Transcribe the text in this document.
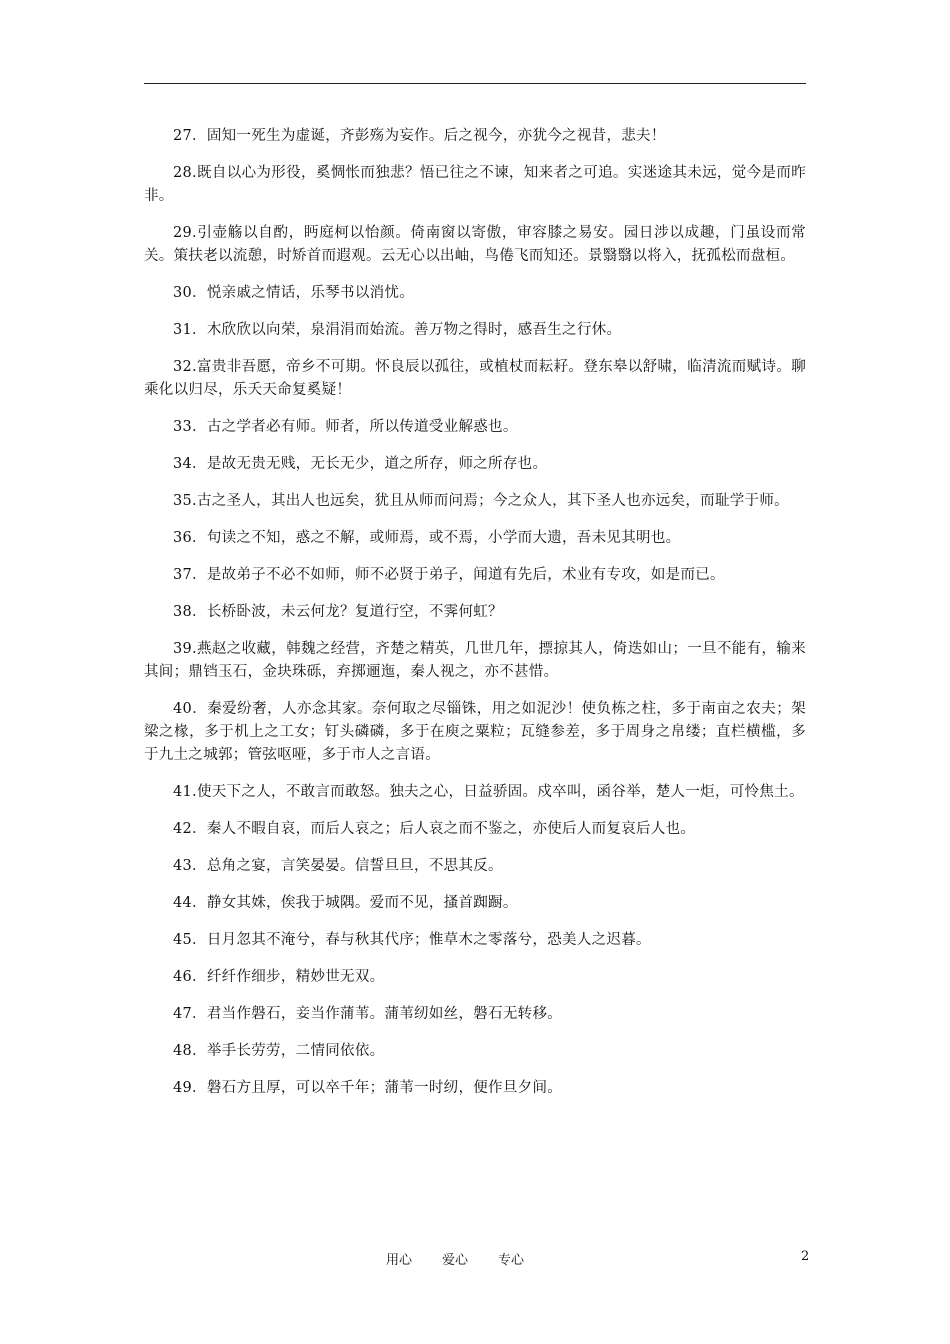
27．固知一死生为虚诞，齐彭殇为妄作。后之视今，亦犹今之视昔，悲夫！

28.既自以心为形役，奚惆怅而独悲？悟已往之不谏，知来者之可追。实迷途其未远，觉今是而昨非。

29.引壶觞以自酌，眄庭柯以怡颜。倚南窗以寄傲，审容膝之易安。园日涉以成趣，门虽设而常关。策扶老以流憩，时矫首而遐观。云无心以出岫，鸟倦飞而知还。景翳翳以将入，抚孤松而盘桓。

30．悦亲戚之情话，乐琴书以消忧。

31．木欣欣以向荣，泉涓涓而始流。善万物之得时，感吾生之行休。

32.富贵非吾愿，帝乡不可期。怀良辰以孤往，或植杖而耘耔。登东皋以舒啸，临清流而赋诗。聊乘化以归尽，乐夭天命复奚疑！

33．古之学者必有师。师者，所以传道受业解惑也。

34．是故无贵无贱，无长无少，道之所存，师之所存也。

35.古之圣人，其出人也远矣，犹且从师而问焉；今之众人，其下圣人也亦远矣，而耻学于师。

36．句读之不知，惑之不解，或师焉，或不焉，小学而大遗，吾未见其明也。

37．是故弟子不必不如师，师不必贤于弟子，闻道有先后，术业有专攻，如是而已。

38．长桥卧波，未云何龙？复道行空，不霁何虹？

39.燕赵之收藏，韩魏之经营，齐楚之精英，几世几年，摽掠其人，倚迭如山；一旦不能有，输来其间；鼎铛玉石，金块珠砾，弃掷逦迤，秦人视之，亦不甚惜。

40．秦爱纷奢，人亦念其家。奈何取之尽锱铢，用之如泥沙！使负栋之柱，多于南亩之农夫；架梁之椽，多于机上之工女；钉头磷磷，多于在庾之粟粒；瓦缝参差，多于周身之帛缕；直栏横槛，多于九土之城郭；管弦呕哑，多于市人之言语。

41.使天下之人，不敢言而敢怒。独夫之心，日益骄固。戍卒叫，函谷举，楚人一炬，可怜焦土。

42．秦人不暇自哀，而后人哀之；后人哀之而不鉴之，亦使后人而复哀后人也。

43．总角之宴，言笑晏晏。信誓旦旦，不思其反。

44．静女其姝，俟我于城隅。爱而不见，搔首踟蹰。

45．日月忽其不淹兮，春与秋其代序；惟草木之零落兮，恐美人之迟暮。

46．纤纤作细步，精妙世无双。

47．君当作磐石，妾当作蒲苇。蒲苇纫如丝，磐石无转移。

48．举手长劳劳，二情同依依。

49．磐石方且厚，可以卒千年；蒲苇一时纫，便作旦夕间。

用心 爱心 专心	2
